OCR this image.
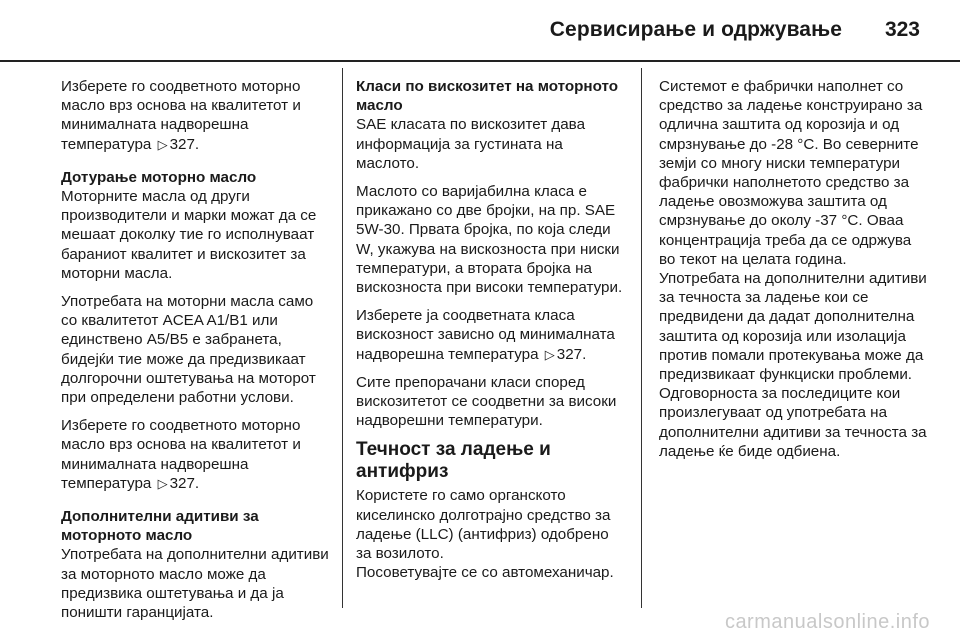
Сервисирање и одржување 323

Изберете го соодветното моторно масло врз основа на квалитетот и минималната надворешна температура ▷ 327.

Дотурање моторно масло

Моторните масла од други производители и марки можат да се мешаат доколку тие го исполнуваат бараниот квалитет и вискозитет за моторни масла.

Употребата на моторни масла само со квалитетот ACEA A1/B1 или единствено A5/B5 е забранета, бидејќи тие може да предизвикаат долгорочни оштетувања на моторот при определени работни услови.

Изберете го соодветното моторно масло врз основа на квалитетот и минималната надворешна температура ▷ 327.

Дополнителни адитиви за моторното масло

Употребата на дополнителни адитиви за моторното масло може да предизвика оштетувања и да ја поништи гаранцијата.

Класи по вискозитет на моторното масло

SAE класата по вискозитет дава информација за густината на маслото.

Маслото со варијабилна класа е прикажано со две бројки, на пр. SAE 5W-30. Првата бројка, по која следи W, укажува на вискозноста при ниски температури, а втората бројка на вискозноста при високи температури.

Изберете ја соодветната класа вискозност зависно од минималната надворешна температура ▷ 327.

Сите препорачани класи според вискозитетот се соодветни за високи надворешни температури.

Течност за ладење и антифриз

Користете го само органското киселинско долготрајно средство за ладење (LLC) (антифриз) одобрено за возилото.

Посоветувајте се со автомеханичар.

Системот е фабрички наполнет со средство за ладење конструирано за одлична заштита од корозија и од смрзнување до -28 °C. Во северните земји со многу ниски температури фабрички наполнетото средство за ладење овозможува заштита од смрзнување до околу -37 °C. Оваа концентрација треба да се одржува во текот на целата година.

Употребата на дополнителни адитиви за течноста за ладење кои се предвидени да дадат дополнителна заштита од корозија или изолација против помали протекувања може да предизвикаат функциски проблеми. Одговорноста за последиците кои произлегуваат од употребата на дополнителни адитиви за течноста за ладење ќе биде одбиена.

carmanualsonline.info
